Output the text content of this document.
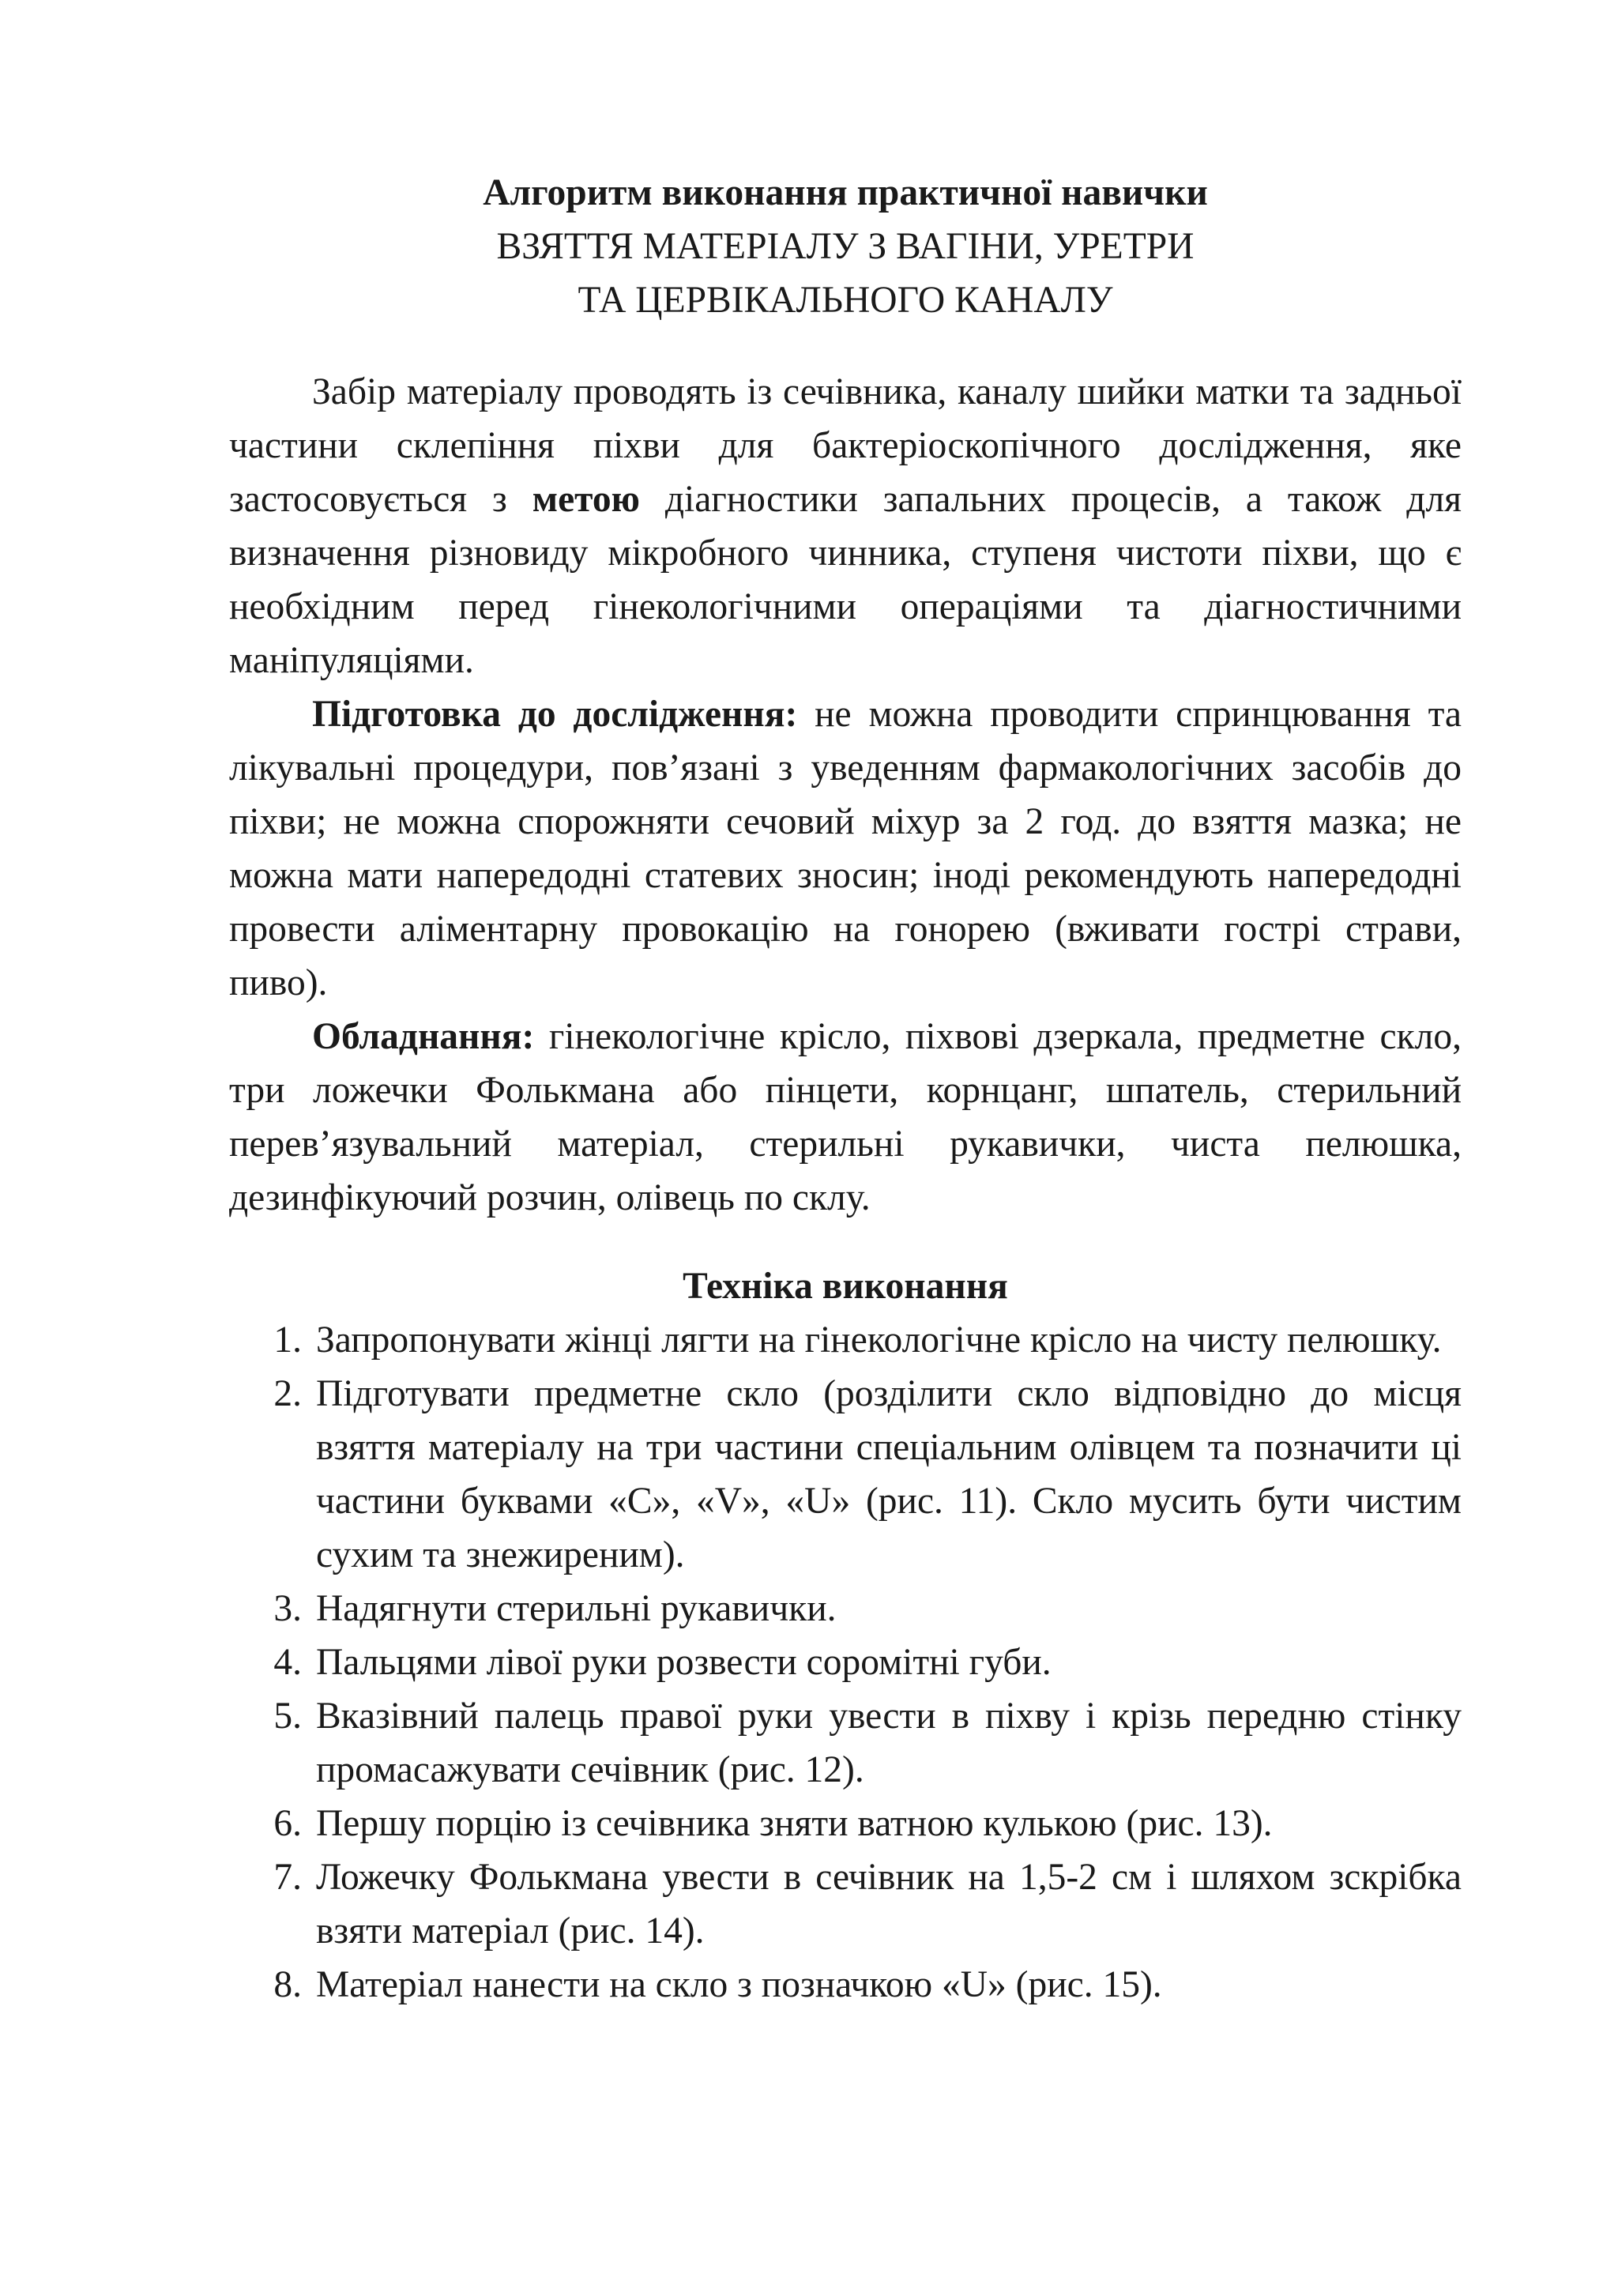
Алгоритм виконання практичної навички
ВЗЯТТЯ МАТЕРІАЛУ З ВАГІНИ, УРЕТРИ
ТА ЦЕРВІКАЛЬНОГО КАНАЛУ

Забір матеріалу проводять із сечівника, каналу шийки матки та задньої частини склепіння піхви для бактеріоскопічного дослідження, яке застосовується з метою діагностики запальних процесів, а також для визначення різновиду мікробного чинника, ступеня чистоти піхви, що є необхідним перед гінекологічними операціями та діагностичними маніпуляціями.

Підготовка до дослідження: не можна проводити спринцювання та лікувальні процедури, пов’язані з уведенням фармакологічних засобів до піхви; не можна спорожняти сечовий міхур за 2 год. до взяття мазка; не можна мати напередодні статевих зносин; іноді рекомендують напередодні провести аліментарну провокацію на гонорею (вживати гострі страви, пиво).

Обладнання: гінекологічне крісло, піхвові дзеркала, предметне скло, три ложечки Фолькмана або пінцети, корнцанг, шпатель, стерильний перев’язувальний матеріал, стерильні рукавички, чиста пелюшка, дезинфікуючий розчин, олівець по склу.

Техніка виконання
1. Запропонувати жінці лягти на гінекологічне крісло на чисту пелюшку.
2. Підготувати предметне скло (розділити скло відповідно до місця взяття матеріалу на три частини спеціальним олівцем та позначити ці частини буквами «С», «V», «U» (рис. 11). Скло мусить бути чистим сухим та знежиреним).
3. Надягнути стерильні рукавички.
4. Пальцями лівої руки розвести соромітні губи.
5. Вказівний палець правої руки увести в піхву і крізь передню стінку промасажувати сечівник (рис. 12).
6. Першу порцію із сечівника зняти ватною кулькою (рис. 13).
7. Ложечку Фолькмана увести в сечівник на 1,5-2 см і шляхом зскрібка взяти матеріал (рис. 14).
8. Матеріал нанести на скло з позначкою «U» (рис. 15).
